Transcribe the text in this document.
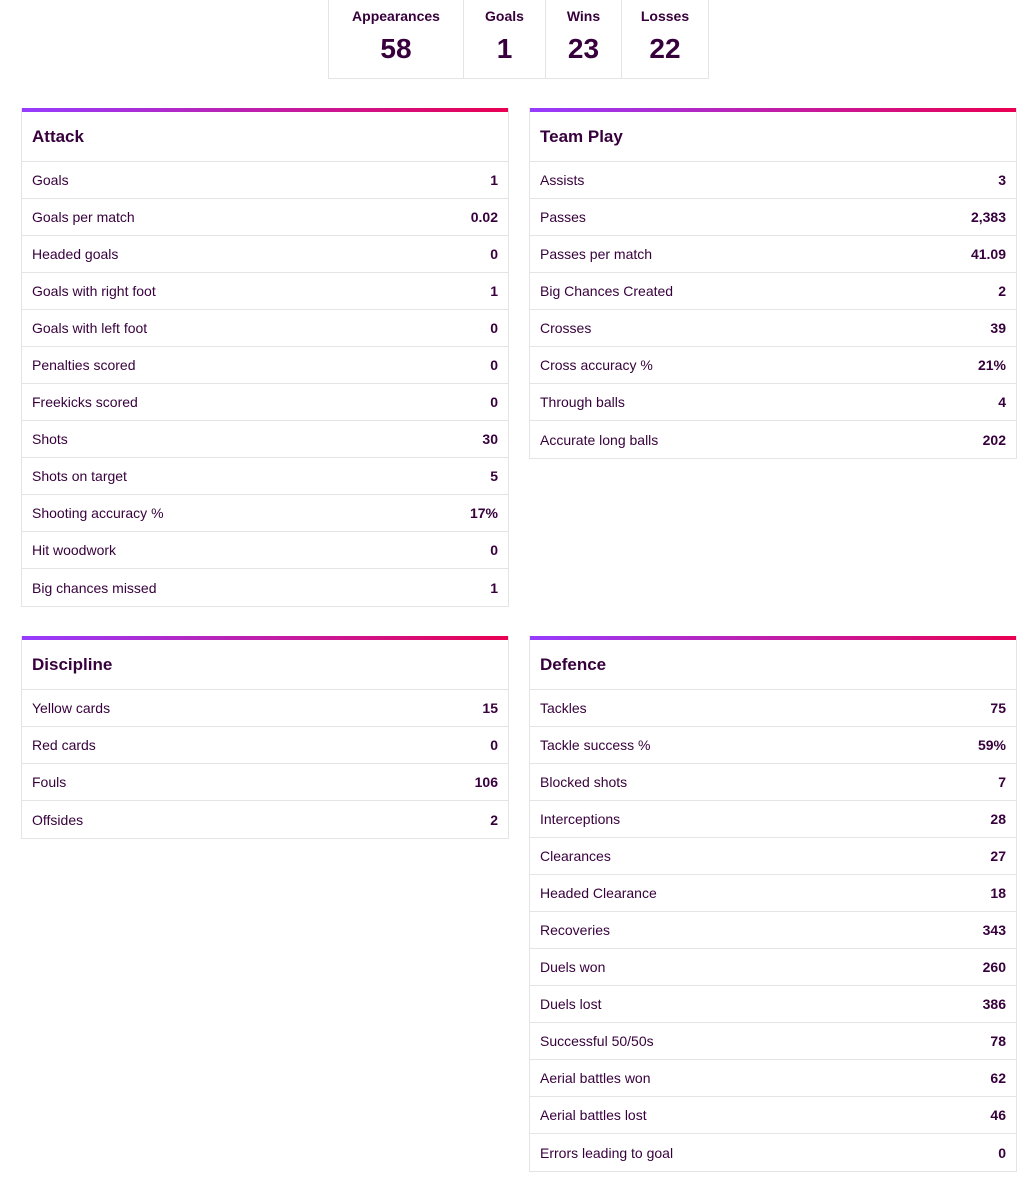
Appearances
58
Goals
1
Wins
23
Losses
22
Attack
Goals	1
Goals per match	0.02
Headed goals	0
Goals with right foot	1
Goals with left foot	0
Penalties scored	0
Freekicks scored	0
Shots	30
Shots on target	5
Shooting accuracy %	17%
Hit woodwork	0
Big chances missed	1
Team Play
Assists	3
Passes	2,383
Passes per match	41.09
Big Chances Created	2
Crosses	39
Cross accuracy %	21%
Through balls	4
Accurate long balls	202
Discipline
Yellow cards	15
Red cards	0
Fouls	106
Offsides	2
Defence
Tackles	75
Tackle success %	59%
Blocked shots	7
Interceptions	28
Clearances	27
Headed Clearance	18
Recoveries	343
Duels won	260
Duels lost	386
Successful 50/50s	78
Aerial battles won	62
Aerial battles lost	46
Errors leading to goal	0
